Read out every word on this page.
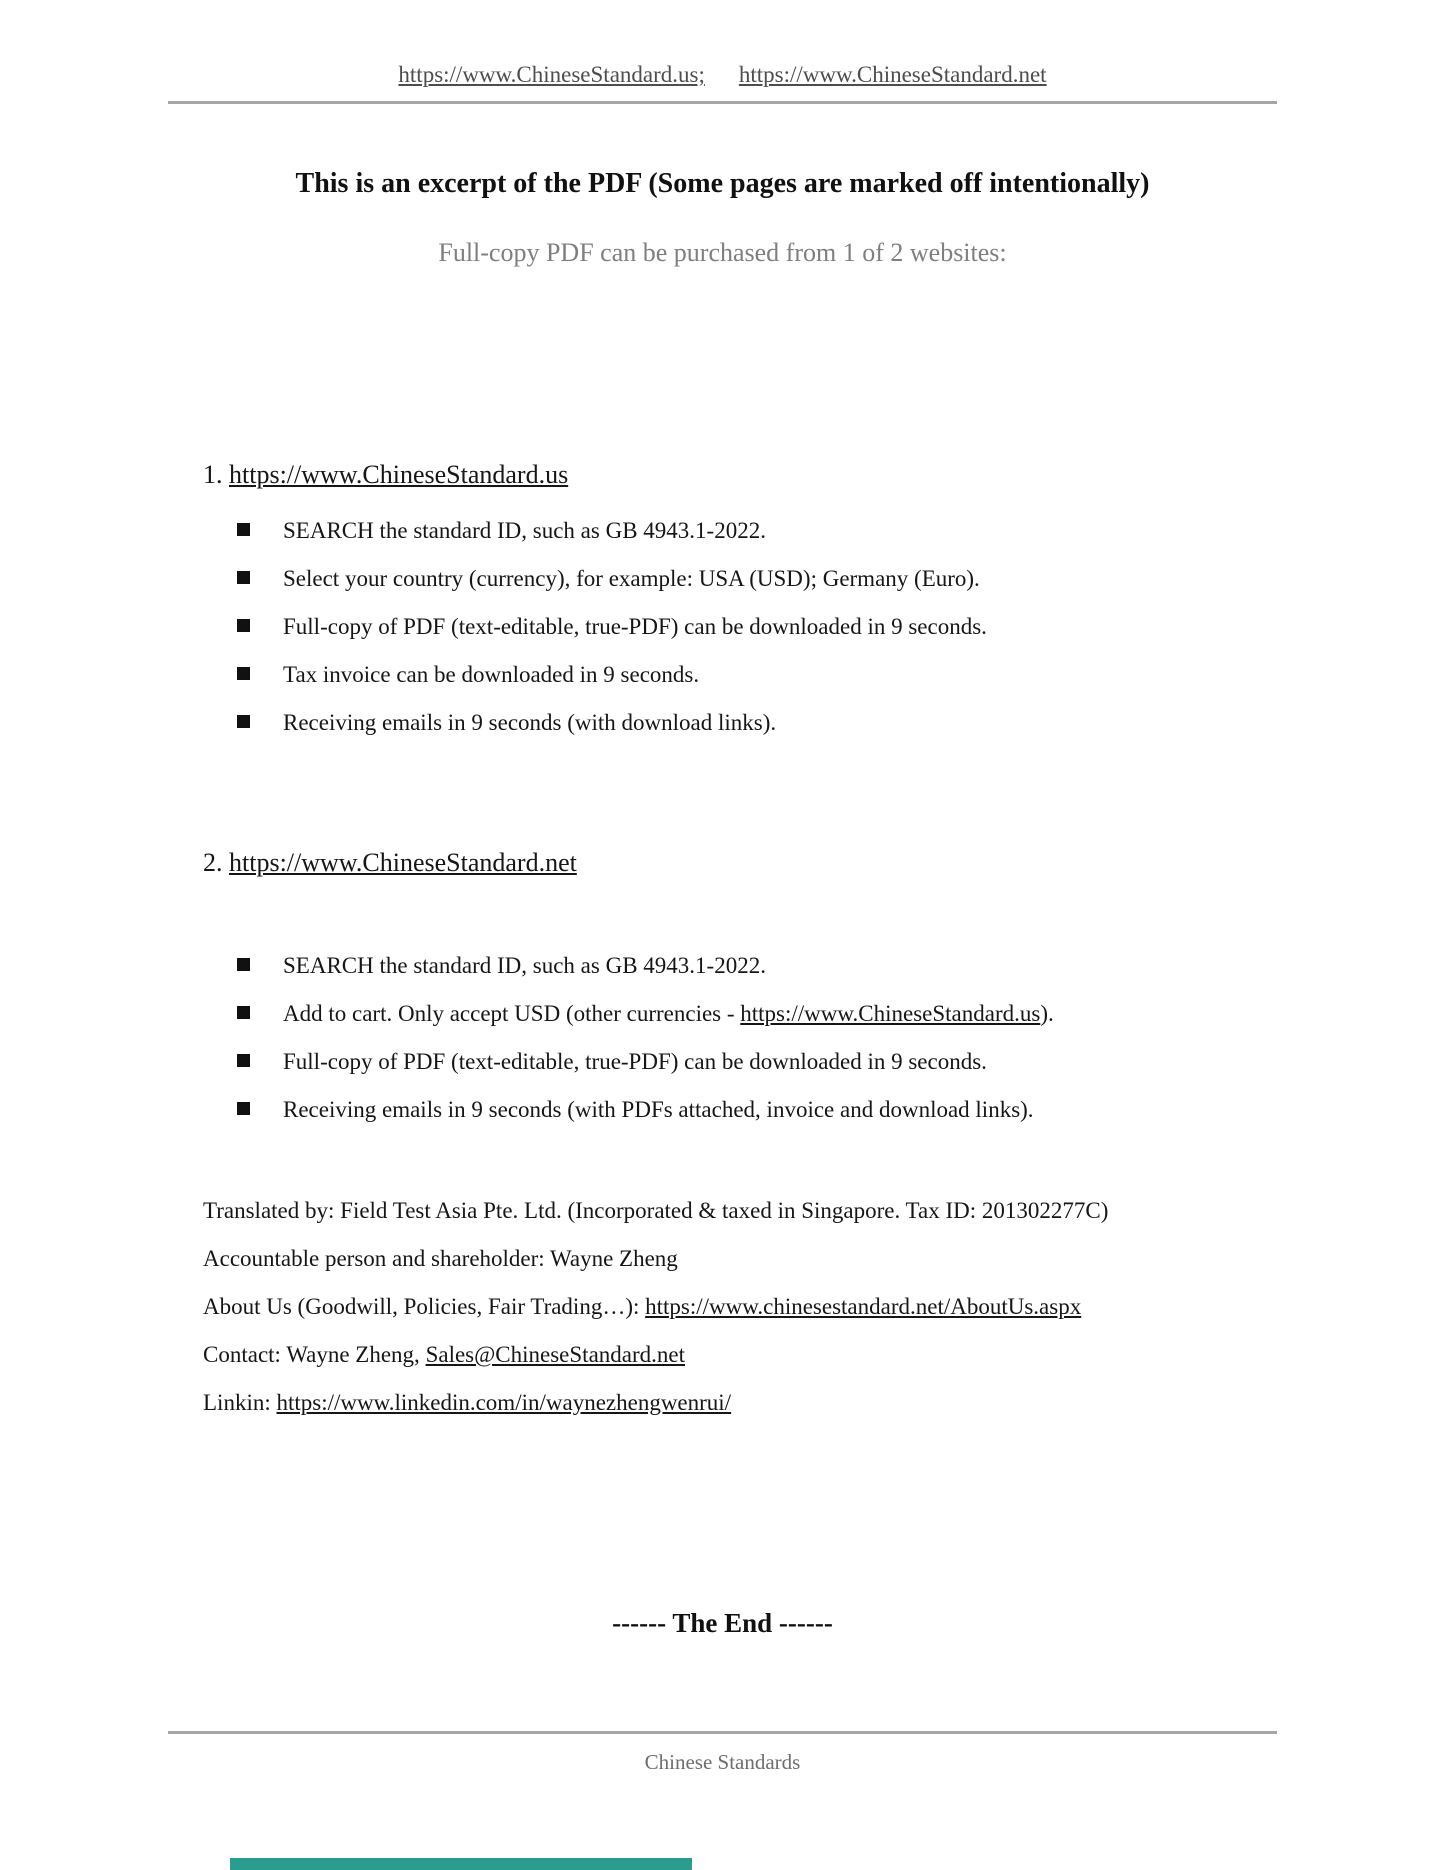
https://www.ChineseStandard.us; https://www.ChineseStandard.net
This is an excerpt of the PDF (Some pages are marked off intentionally)
Full-copy PDF can be purchased from 1 of 2 websites:
1. https://www.ChineseStandard.us
SEARCH the standard ID, such as GB 4943.1-2022.
Select your country (currency), for example: USA (USD); Germany (Euro).
Full-copy of PDF (text-editable, true-PDF) can be downloaded in 9 seconds.
Tax invoice can be downloaded in 9 seconds.
Receiving emails in 9 seconds (with download links).
2. https://www.ChineseStandard.net
SEARCH the standard ID, such as GB 4943.1-2022.
Add to cart. Only accept USD (other currencies - https://www.ChineseStandard.us).
Full-copy of PDF (text-editable, true-PDF) can be downloaded in 9 seconds.
Receiving emails in 9 seconds (with PDFs attached, invoice and download links).
Translated by: Field Test Asia Pte. Ltd. (Incorporated & taxed in Singapore. Tax ID: 201302277C)
Accountable person and shareholder: Wayne Zheng
About Us (Goodwill, Policies, Fair Trading…): https://www.chinesestandard.net/AboutUs.aspx
Contact: Wayne Zheng, Sales@ChineseStandard.net
Linkin: https://www.linkedin.com/in/waynezhengwenrui/
------ The End ------
Chinese Standards
